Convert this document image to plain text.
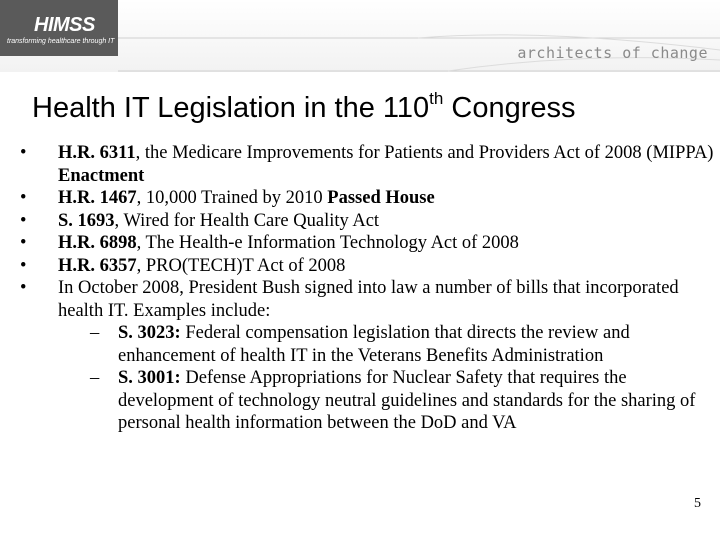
HIMSS
transforming healthcare through IT
architects of change
Health IT Legislation in the 110th Congress
•	H.R. 6311, the Medicare Improvements for Patients and Providers Act of 2008 (MIPPA) Enactment
•	H.R. 1467, 10,000 Trained by 2010 Passed House
•	S. 1693, Wired for Health Care Quality Act
•	H.R. 6898, The Health-e Information Technology Act of 2008
•	H.R. 6357, PRO(TECH)T Act of 2008
•	In October 2008, President Bush signed into law a number of bills that incorporated health IT. Examples include:
– S. 3023: Federal compensation legislation that directs the review and enhancement of health IT in the Veterans Benefits Administration
– S. 3001: Defense Appropriations for Nuclear Safety that requires the development of technology neutral guidelines and standards for the sharing of personal health information between the DoD and VA
5
